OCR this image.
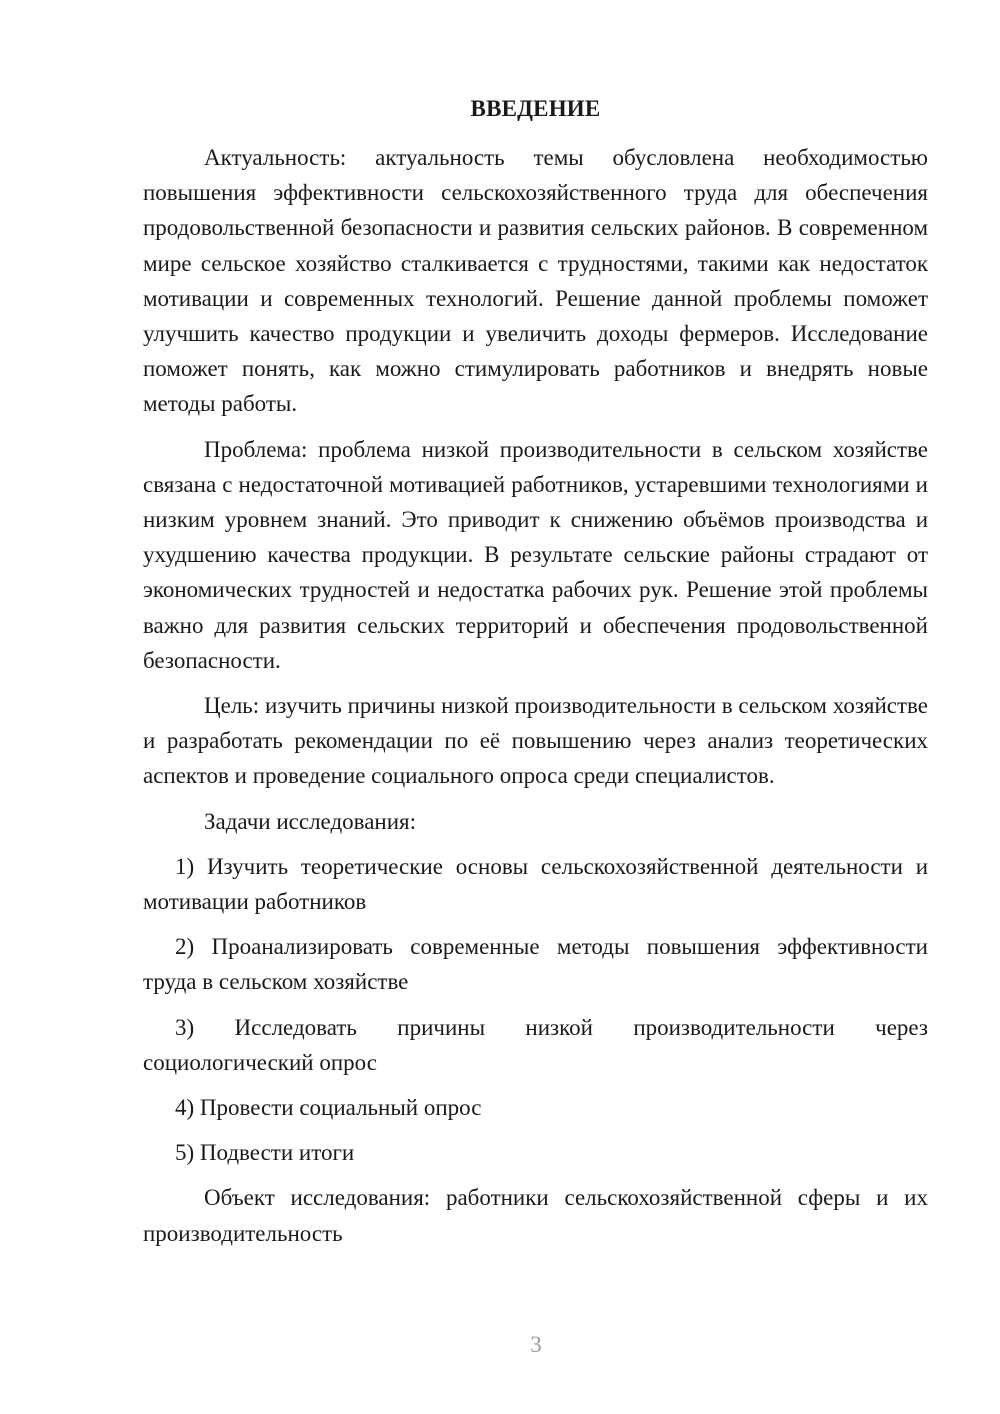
ВВЕДЕНИЕ

Актуальность: актуальность темы обусловлена необходимостью повышения эффективности сельскохозяйственного труда для обеспечения продовольственной безопасности и развития сельских районов. В современном мире сельское хозяйство сталкивается с трудностями, такими как недостаток мотивации и современных технологий. Решение данной проблемы поможет улучшить качество продукции и увеличить доходы фермеров. Исследование поможет понять, как можно стимулировать работников и внедрять новые методы работы.

Проблема: проблема низкой производительности в сельском хозяйстве связана с недостаточной мотивацией работников, устаревшими технологиями и низким уровнем знаний. Это приводит к снижению объёмов производства и ухудшению качества продукции. В результате сельские районы страдают от экономических трудностей и недостатка рабочих рук. Решение этой проблемы важно для развития сельских территорий и обеспечения продовольственной безопасности.

Цель: изучить причины низкой производительности в сельском хозяйстве и разработать рекомендации по её повышению через анализ теоретических аспектов и проведение социального опроса среди специалистов.

Задачи исследования:

1) Изучить теоретические основы сельскохозяйственной деятельности и мотивации работников

2) Проанализировать современные методы повышения эффективности труда в сельском хозяйстве

3) Исследовать причины низкой производительности через социологический опрос

4) Провести социальный опрос

5) Подвести итоги

Объект исследования: работники сельскохозяйственной сферы и их производительность

3
